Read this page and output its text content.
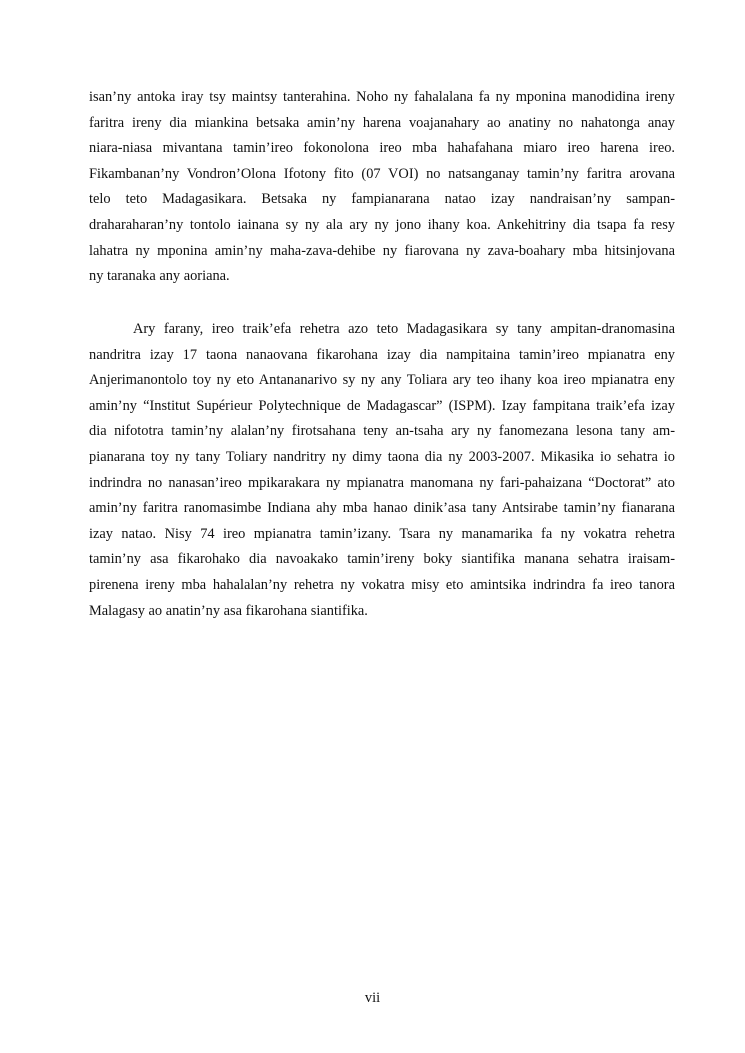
isan’ny antoka iray tsy maintsy tanterahina. Noho ny fahalalana fa ny mponina manodidina ireny
faritra ireny dia miankina betsaka amin’ny harena voajanahary ao anatiny no nahatonga anay
niara-niasa mivantana tamin’ireo fokonolona ireo mba hahafahana miaro ireo harena ireo.
Fikambanan’ny Vondron’Olona Ifotony fito (07 VOI) no natsanganay tamin’ny faritra arovana
telo teto Madagasikara. Betsaka ny fampianarana natao izay nandraisan’ny sampan-
draharaharan’ny tontolo iainana sy ny ala ary ny jono ihany koa. Ankehitriny dia tsapa fa resy
lahatra ny mponina amin’ny maha-zava-dehibe ny fiarovana ny zava-boahary mba hitsinjovana
ny taranaka any aoriana.
Ary farany, ireo traik’efa rehetra azo teto Madagasikara sy tany ampitan-dranomasina
nandritra izay 17 taona nanaovana fikarohana izay dia nampitaina tamin’ireo mpianatra eny
Anjerimanontolo toy ny eto Antananarivo sy ny any Toliara ary teo ihany koa ireo mpianatra eny
amin’ny “Institut Supérieur Polytechnique de Madagascar” (ISPM). Izay fampitana traik’efa izay
dia nifototra tamin’ny alalan’ny firotsahana teny an-tsaha ary ny fanomezana lesona tany am-
pianarana toy ny tany Toliary nandritry ny dimy taona dia ny 2003-2007. Mikasika io sehatra io
indrindra no nanasan’ireo mpikarakara ny mpianatra manomana ny fari-pahaizana “Doctorat” ato
amin’ny faritra ranomasimbe Indiana ahy mba hanao dinik’asa tany Antsirabe tamin’ny fianarana
izay natao. Nisy 74 ireo mpianatra tamin’izany. Tsara ny manamarika fa ny vokatra rehetra
tamin’ny asa fikarohako dia navoakako tamin’ireny boky siantifika manana sehatra iraisam-
pirenena ireny mba hahalalan’ny rehetra ny vokatra misy eto amintsika indrindra fa ireo tanora
Malagasy ao anatin’ny asa fikarohana siantifika.
vii
